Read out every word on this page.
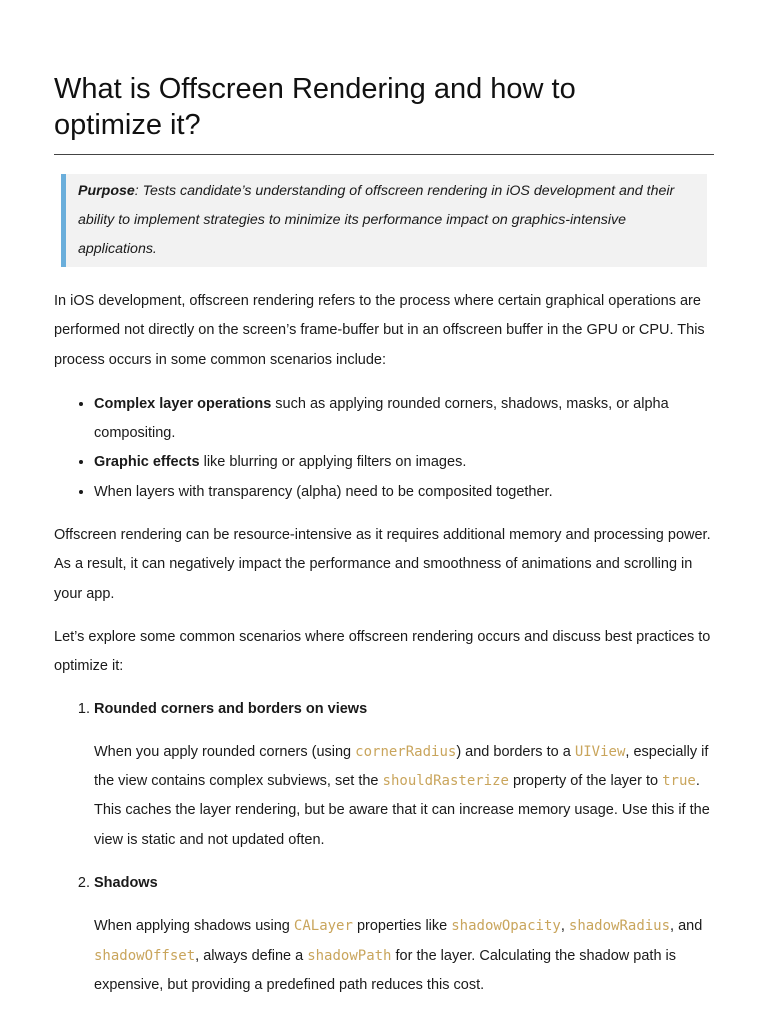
What is Offscreen Rendering and how to optimize it?
Purpose: Tests candidate’s understanding of offscreen rendering in iOS development and their ability to implement strategies to minimize its performance impact on graphics-intensive applications.

In iOS development, offscreen rendering refers to the process where certain graphical operations are performed not directly on the screen’s frame-buffer but in an offscreen buffer in the GPU or CPU. This process occurs in some common scenarios include:

• Complex layer operations such as applying rounded corners, shadows, masks, or alpha compositing.
• Graphic effects like blurring or applying filters on images.
• When layers with transparency (alpha) need to be composited together.

Offscreen rendering can be resource-intensive as it requires additional memory and processing power. As a result, it can negatively impact the performance and smoothness of animations and scrolling in your app.

Let’s explore some common scenarios where offscreen rendering occurs and discuss best practices to optimize it:

1. Rounded corners and borders on views

When you apply rounded corners (using cornerRadius) and borders to a UIView, especially if the view contains complex subviews, set the shouldRasterize property of the layer to true. This caches the layer rendering, but be aware that it can increase memory usage. Use this if the view is static and not updated often.

2. Shadows

When applying shadows using CALayer properties like shadowOpacity, shadowRadius, and shadowOffset, always define a shadowPath for the layer. Calculating the shadow path is expensive, but providing a predefined path reduces this cost.
